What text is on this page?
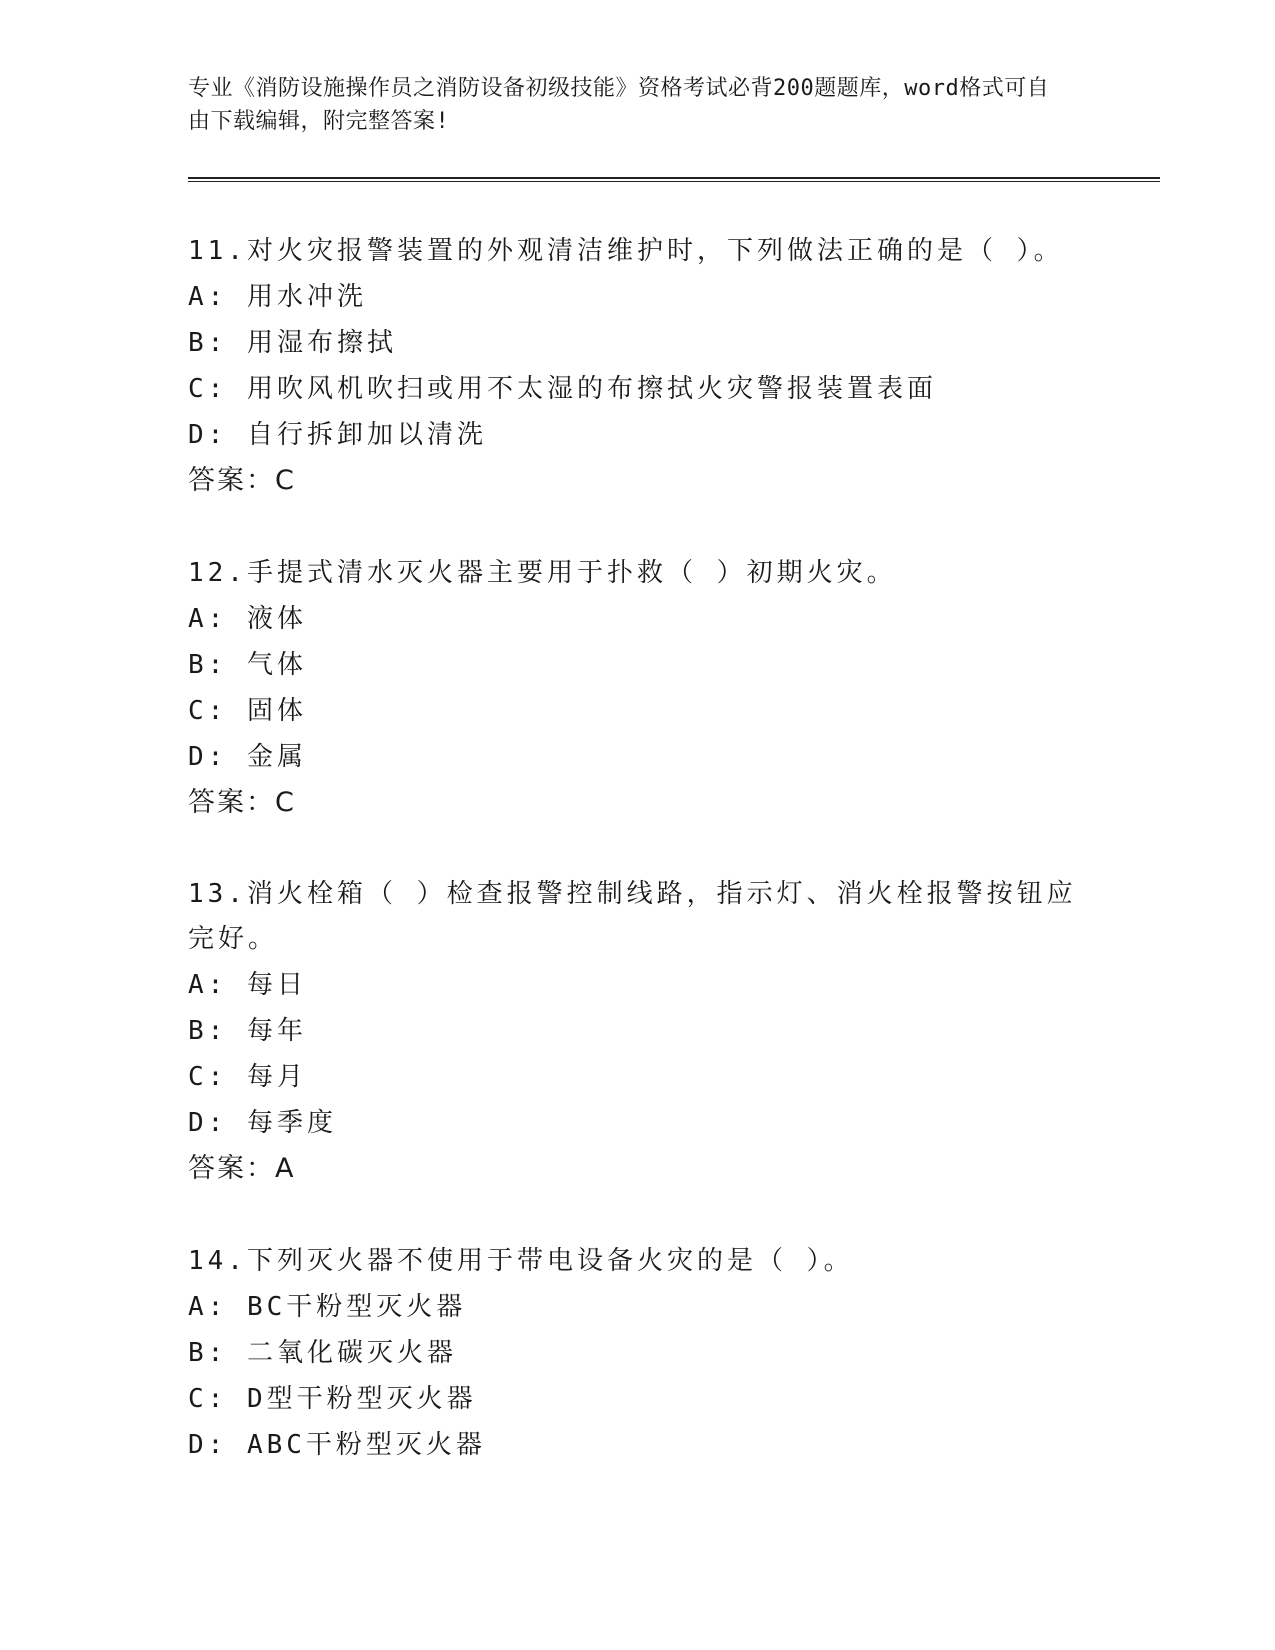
专业《消防设施操作员之消防设备初级技能》资格考试必背200题题库，word格式可自由下载编辑，附完整答案!
11.对火灾报警装置的外观清洁维护时，下列做法正确的是（ ）。
A: 用水冲洗
B: 用湿布擦拭
C: 用吹风机吹扫或用不太湿的布擦拭火灾警报装置表面
D: 自行拆卸加以清洗
答案：C
12.手提式清水灭火器主要用于扑救（ ）初期火灾。
A: 液体
B: 气体
C: 固体
D: 金属
答案：C
13.消火栓箱（ ）检查报警控制线路，指示灯、消火栓报警按钮应完好。
A: 每日
B: 每年
C: 每月
D: 每季度
答案：A
14.下列灭火器不使用于带电设备火灾的是（ ）。
A: BC干粉型灭火器
B: 二氧化碳灭火器
C: D型干粉型灭火器
D: ABC干粉型灭火器
